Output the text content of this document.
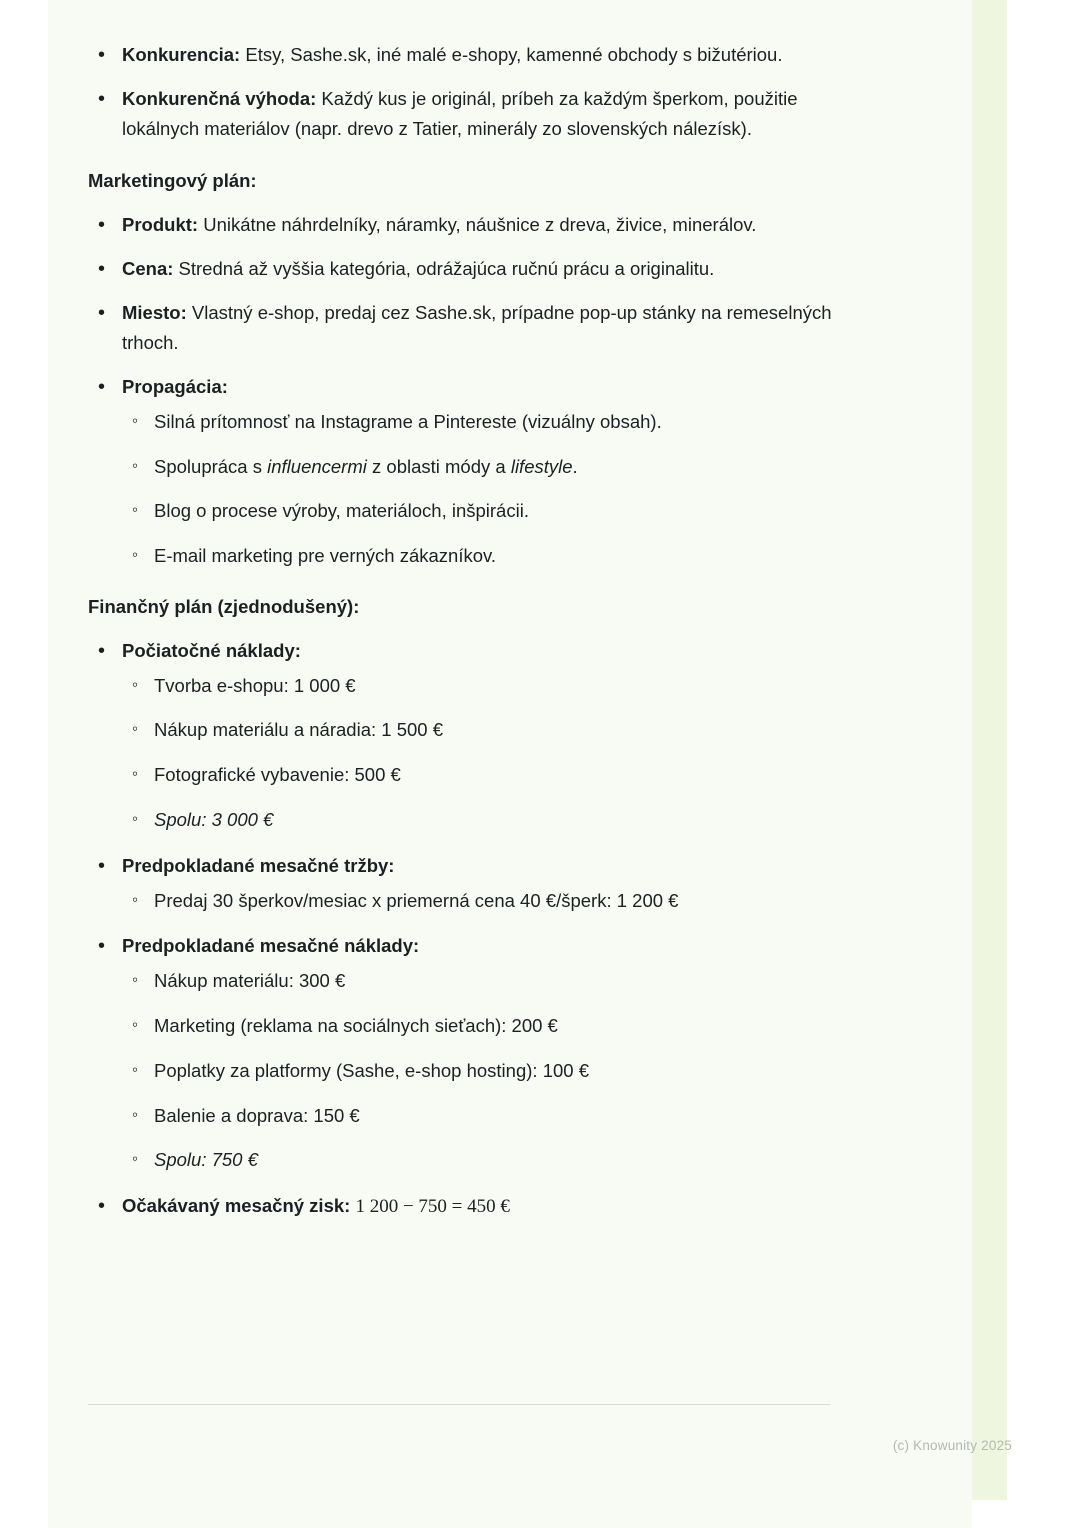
• Konkurencia: Etsy, Sashe.sk, iné malé e-shopy, kamenné obchody s bižutériou.
• Konkurenčná výhoda: Každý kus je originál, príbeh za každým šperkom, použitie lokálnych materiálov (napr. drevo z Tatier, minerály zo slovenských nálezísk).
Marketingový plán:
• Produkt: Unikátne náhrdelníky, náramky, náušnice z dreva, živice, minerálov.
• Cena: Stredná až vyššia kategória, odrážajúca ručnú prácu a originalitu.
• Miesto: Vlastný e-shop, predaj cez Sashe.sk, prípadne pop-up stánky na remeselných trhoch.
• Propagácia:
◦ Silná prítomnosť na Instagrame a Pintereste (vizuálny obsah).
◦ Spolupráca s influencermi z oblasti módy a lifestyle.
◦ Blog o procese výroby, materiáloch, inšpirácii.
◦ E-mail marketing pre verných zákazníkov.
Finančný plán (zjednodušený):
• Počiatočné náklady:
◦ Tvorba e-shopu: 1 000 €
◦ Nákup materiálu a náradia: 1 500 €
◦ Fotografické vybavenie: 500 €
◦ Spolu: 3 000 €
• Predpokladané mesačné tržby:
◦ Predaj 30 šperkov/mesiac x priemerná cena 40 €/šperk: 1 200 €
• Predpokladané mesačné náklady:
◦ Nákup materiálu: 300 €
◦ Marketing (reklama na sociálnych sieťach): 200 €
◦ Poplatky za platformy (Sashe, e-shop hosting): 100 €
◦ Balenie a doprava: 150 €
◦ Spolu: 750 €
• Očakávaný mesačný zisk: 1 200 − 750 = 450 €
(c) Knowunity 2025
